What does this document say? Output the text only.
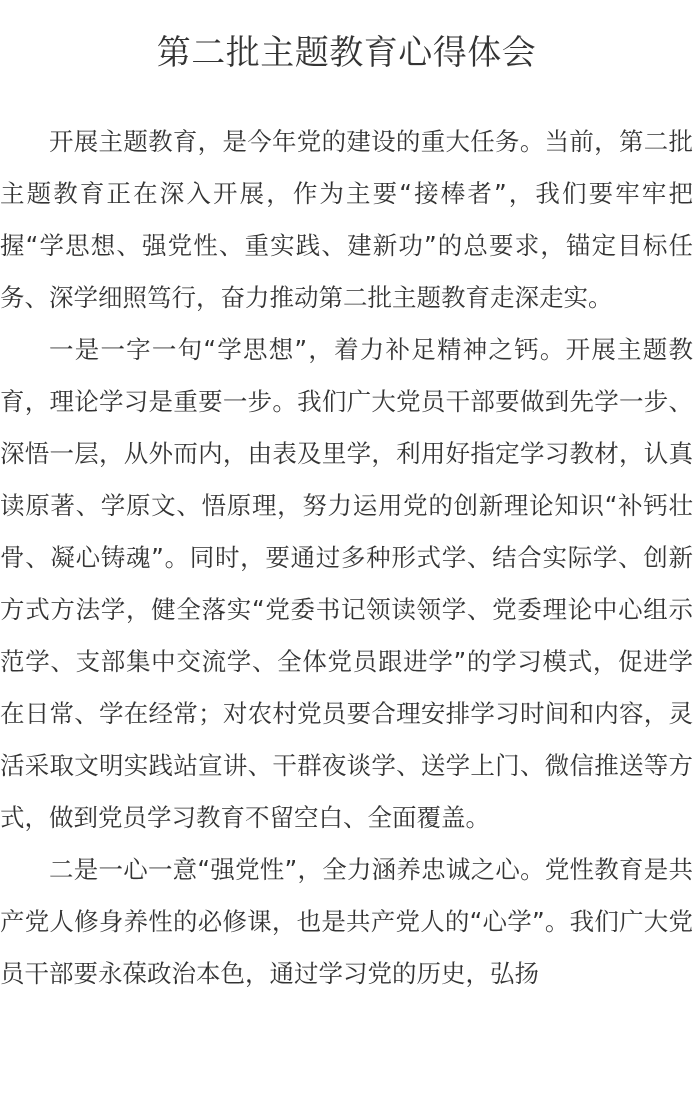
第二批主题教育心得体会

开展主题教育，是今年党的建设的重大任务。当前，第二批主题教育正在深入开展，作为主要“接棒者”，我们要牢牢把握“学思想、强党性、重实践、建新功”的总要求，锚定目标任务、深学细照笃行，奋力推动第二批主题教育走深走实。

一是一字一句“学思想”，着力补足精神之钙。开展主题教育，理论学习是重要一步。我们广大党员干部要做到先学一步、深悟一层，从外而内，由表及里学，利用好指定学习教材，认真读原著、学原文、悟原理，努力运用党的创新理论知识“补钙壮骨、凝心铸魂”。同时，要通过多种形式学、结合实际学、创新方式方法学，健全落实“党委书记领读领学、党委理论中心组示范学、支部集中交流学、全体党员跟进学”的学习模式，促进学在日常、学在经常；对农村党员要合理安排学习时间和内容，灵活采取文明实践站宣讲、干群夜谈学、送学上门、微信推送等方式，做到党员学习教育不留空白、全面覆盖。

二是一心一意“强党性”，全力涵养忠诚之心。党性教育是共产党人修身养性的必修课，也是共产党人的“心学”。我们广大党员干部要永葆政治本色，通过学习党的历史，弘扬
